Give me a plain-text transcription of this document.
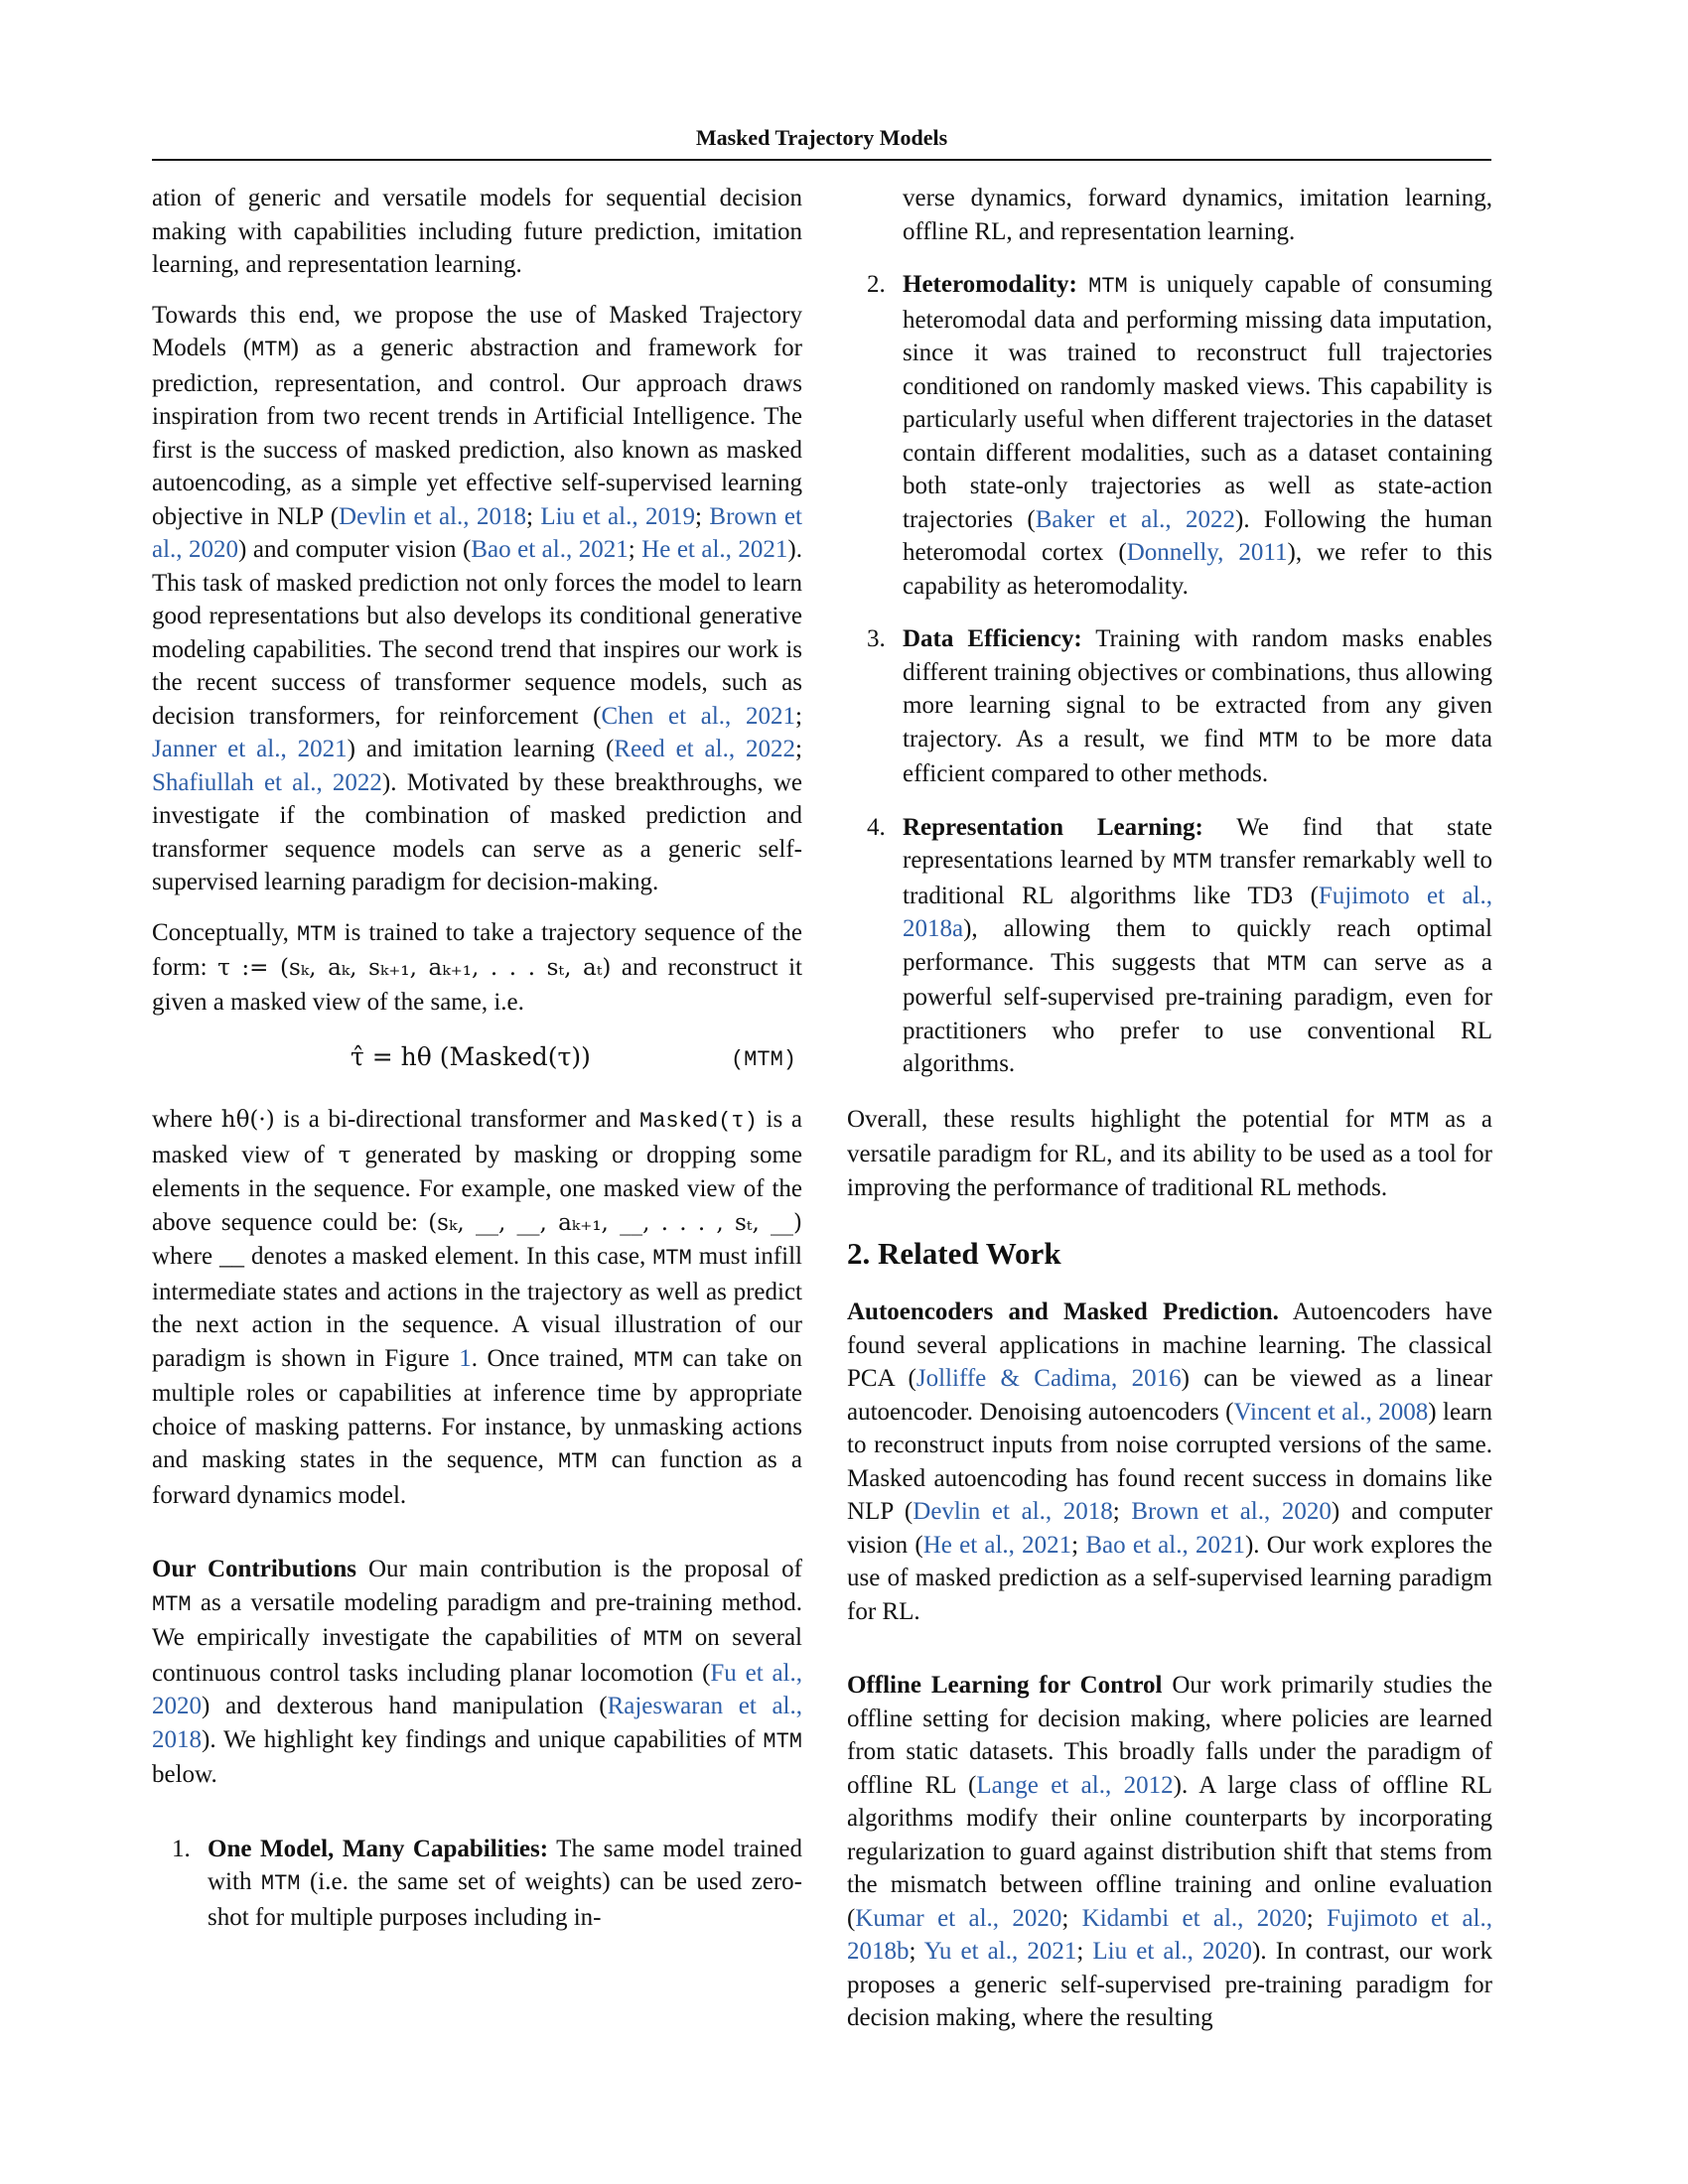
Masked Trajectory Models

ation of generic and versatile models for sequential decision making with capabilities including future prediction, imitation learning, and representation learning.

Towards this end, we propose the use of Masked Trajectory Models (MTM) as a generic abstraction and framework for prediction, representation, and control. Our approach draws inspiration from two recent trends in Artificial Intelligence. The first is the success of masked prediction, also known as masked autoencoding, as a simple yet effective self-supervised learning objective in NLP (Devlin et al., 2018; Liu et al., 2019; Brown et al., 2020) and computer vision (Bao et al., 2021; He et al., 2021). This task of masked prediction not only forces the model to learn good representations but also develops its conditional generative modeling capabilities. The second trend that inspires our work is the recent success of transformer sequence models, such as decision transformers, for reinforcement (Chen et al., 2021; Janner et al., 2021) and imitation learning (Reed et al., 2022; Shafiullah et al., 2022). Motivated by these breakthroughs, we investigate if the combination of masked prediction and transformer sequence models can serve as a generic self-supervised learning paradigm for decision-making.

Conceptually, MTM is trained to take a trajectory sequence of the form: τ := (sₖ, aₖ, sₖ₊₁, aₖ₊₁, . . . sₜ, aₜ) and reconstruct it given a masked view of the same, i.e.

τ̂ = hθ (Masked(τ))	(MTM)

where hθ(·) is a bi-directional transformer and Masked(τ) is a masked view of τ generated by masking or dropping some elements in the sequence. For example, one masked view of the above sequence could be: (sₖ, __, __, aₖ₊₁, __, . . . , sₜ, __) where __ denotes a masked element. In this case, MTM must infill intermediate states and actions in the trajectory as well as predict the next action in the sequence. A visual illustration of our paradigm is shown in Figure 1. Once trained, MTM can take on multiple roles or capabilities at inference time by appropriate choice of masking patterns. For instance, by unmasking actions and masking states in the sequence, MTM can function as a forward dynamics model.

Our Contributions Our main contribution is the proposal of MTM as a versatile modeling paradigm and pre-training method. We empirically investigate the capabilities of MTM on several continuous control tasks including planar locomotion (Fu et al., 2020) and dexterous hand manipulation (Rajeswaran et al., 2018). We highlight key findings and unique capabilities of MTM below.

1. One Model, Many Capabilities: The same model trained with MTM (i.e. the same set of weights) can be used zero-shot for multiple purposes including in-
verse dynamics, forward dynamics, imitation learning, offline RL, and representation learning.
2. Heteromodality: MTM is uniquely capable of consuming heteromodal data and performing missing data imputation, since it was trained to reconstruct full trajectories conditioned on randomly masked views. This capability is particularly useful when different trajectories in the dataset contain different modalities, such as a dataset containing both state-only trajectories as well as state-action trajectories (Baker et al., 2022). Following the human heteromodal cortex (Donnelly, 2011), we refer to this capability as heteromodality.
3. Data Efficiency: Training with random masks enables different training objectives or combinations, thus allowing more learning signal to be extracted from any given trajectory. As a result, we find MTM to be more data efficient compared to other methods.
4. Representation Learning: We find that state representations learned by MTM transfer remarkably well to traditional RL algorithms like TD3 (Fujimoto et al., 2018a), allowing them to quickly reach optimal performance. This suggests that MTM can serve as a powerful self-supervised pre-training paradigm, even for practitioners who prefer to use conventional RL algorithms.

Overall, these results highlight the potential for MTM as a versatile paradigm for RL, and its ability to be used as a tool for improving the performance of traditional RL methods.

2. Related Work

Autoencoders and Masked Prediction. Autoencoders have found several applications in machine learning. The classical PCA (Jolliffe & Cadima, 2016) can be viewed as a linear autoencoder. Denoising autoencoders (Vincent et al., 2008) learn to reconstruct inputs from noise corrupted versions of the same. Masked autoencoding has found recent success in domains like NLP (Devlin et al., 2018; Brown et al., 2020) and computer vision (He et al., 2021; Bao et al., 2021). Our work explores the use of masked prediction as a self-supervised learning paradigm for RL.

Offline Learning for Control Our work primarily studies the offline setting for decision making, where policies are learned from static datasets. This broadly falls under the paradigm of offline RL (Lange et al., 2012). A large class of offline RL algorithms modify their online counterparts by incorporating regularization to guard against distribution shift that stems from the mismatch between offline training and online evaluation (Kumar et al., 2020; Kidambi et al., 2020; Fujimoto et al., 2018b; Yu et al., 2021; Liu et al., 2020). In contrast, our work proposes a generic self-supervised pre-training paradigm for decision making, where the resulting
